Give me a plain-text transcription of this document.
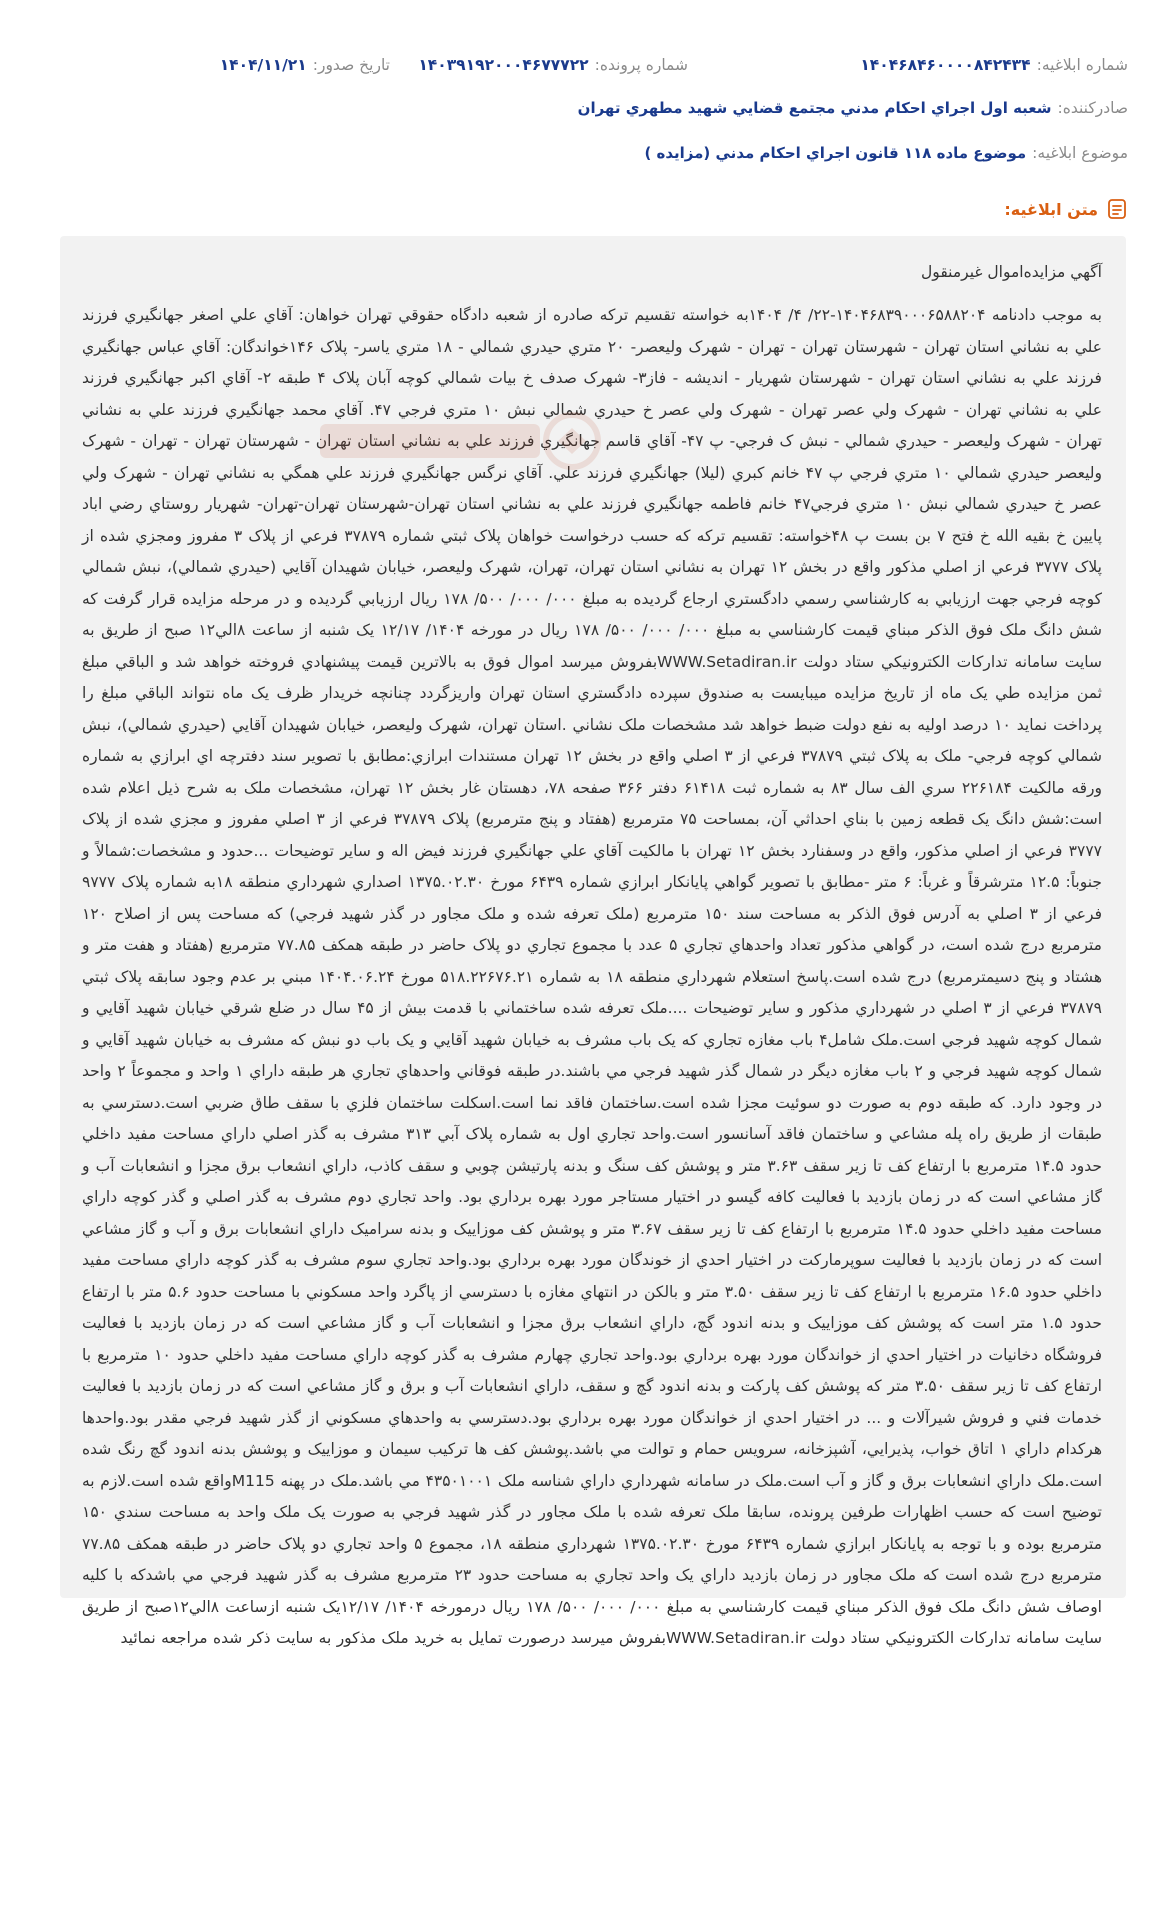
شماره ابلاغيه:
۱۴۰۴۶۸۴۶۰۰۰۰۸۴۲۴۳۴
شماره پرونده:
۱۴۰۳۹۱۹۲۰۰۰۴۶۷۷۷۲۲
تاريخ صدور:
۱۴۰۴/۱۱/۲۱
صادرکننده:
شعبه اول اجراي احکام مدني مجتمع قضايي شهيد مطهري تهران
موضوع ابلاغيه:
موضوع ماده ۱۱۸ قانون اجراي احکام مدني (مزايده )
متن ابلاغيه:

آگهي مزايده‌اموال غيرمنقول

به موجب دادنامه ۱۴۰۴۶۸۳۹۰۰۰۶۵۸۸۲۰۴-۲۲/ ۴/ ۱۴۰۴به خواسته تقسيم ترکه صادره از شعبه دادگاه حقوقي تهران خواهان: آقاي علي اصغر جهانگيري فرزند علي به نشاني استان تهران - شهرستان تهران - تهران - شهرک وليعصر- ۲۰ متري حيدري شمالي - ۱۸ متري ياسر- پلاک ۱۴۶خواندگان: آقاي عباس جهانگيري فرزند علي به نشاني استان تهران - شهرستان شهريار - انديشه - فاز۳- شهرک صدف خ بيات شمالي کوچه آبان پلاک ۴ طبقه ۲- آقاي اکبر جهانگيري فرزند علي به نشاني تهران - شهرک ولي عصر تهران - شهرک ولي عصر خ حيدري شمالي نبش ۱۰ متري فرجي ۴۷. آقاي محمد جهانگيري فرزند علي به نشاني تهران - شهرک وليعصر - حيدري شمالي - نبش ک فرجي- پ ۴۷- آقاي قاسم جهانگيري فرزند علي به نشاني استان تهران - شهرستان تهران - تهران - شهرک وليعصر حيدري شمالي ۱۰ متري فرجي پ ۴۷ خانم کبري (ليلا) جهانگيري فرزند علي. آقاي نرگس جهانگيري فرزند علي همگي به نشاني تهران - شهرک ولي عصر خ حيدري شمالي نبش ۱۰ متري فرجي۴۷ خانم فاطمه جهانگيري فرزند علي به نشاني استان تهران-شهرستان تهران-تهران- شهريار روستاي رضي اباد پايين خ بقيه الله خ فتح ۷ بن بست پ ۴۸خواسته: تقسيم ترکه که حسب درخواست خواهان پلاک ثبتي شماره ۳۷۸۷۹ فرعي از پلاک ۳ مفروز ومجزي شده از پلاک ۳۷۷۷ فرعي از اصلي مذکور واقع در بخش ۱۲ تهران به نشاني استان تهران، تهران، شهرک وليعصر، خيابان شهيدان آقايي (حيدري شمالي)، نبش شمالي کوچه فرجي جهت ارزيابي به کارشناسي رسمي دادگستري ارجاع گرديده به مبلغ ۰۰۰/ ۰۰۰/ ۵۰۰/ ۱۷۸ ريال ارزيابي گرديده و در مرحله مزايده قرار گرفت که شش دانگ ملک فوق الذکر مبناي قيمت کارشناسي به مبلغ ۰۰۰/ ۰۰۰/ ۵۰۰/ ۱۷۸ ريال در مورخه ۱۴۰۴/ ۱۲/۱۷ يک شنبه از ساعت ۸الي۱۲ صبح از طريق به سايت سامانه تدارکات الکترونيکي ستاد دولت WWW.Setadiran.irبفروش ميرسد اموال فوق به بالاترين قيمت پيشنهادي فروخته خواهد شد و الباقي مبلغ ثمن مزايده طي يک ماه از تاريخ مزايده ميبايست به صندوق سپرده دادگستري استان تهران واريزگردد چنانچه خريدار ظرف يک ماه نتواند الباقي مبلغ را پرداخت نمايد ۱۰ درصد اوليه به نفع دولت ضبط خواهد شد مشخصات ملک نشاني .استان تهران، شهرک وليعصر، خيابان شهيدان آقايي (حيدري شمالي)، نبش شمالي کوچه فرجي- ملک به پلاک ثبتي ۳۷۸۷۹ فرعي از ۳ اصلي واقع در بخش ۱۲ تهران مستندات ابرازي:مطابق با تصوير سند دفترچه اي ابرازي به شماره ورقه مالکيت ۲۲۶۱۸۴ سري الف سال ۸۳ به شماره ثبت ۶۱۴۱۸ دفتر ۳۶۶ صفحه ۷۸، دهستان غار بخش ۱۲ تهران، مشخصات ملک به شرح ذيل اعلام شده است:شش دانگ يک قطعه زمين با بناي احداثي آن، بمساحت ۷۵ مترمربع (هفتاد و پنج مترمربع) پلاک ۳۷۸۷۹ فرعي از ۳ اصلي مفروز و مجزي شده از پلاک ۳۷۷۷ فرعي از اصلي مذکور، واقع در وسفنارد بخش ۱۲ تهران با مالکيت آقاي علي جهانگيري فرزند فيض اله و ساير توضيحات ...حدود و مشخصات:شمالاً و جنوباً: ۱۲.۵ مترشرقاً و غرباً: ۶ متر -مطابق با تصوير گواهي پايانکار ابرازي شماره ۶۴۳۹ مورخ ۱۳۷۵.۰۲.۳۰ اصداري شهرداري منطقه ۱۸به شماره پلاک ۹۷۷۷ فرعي از ۳ اصلي به آدرس فوق الذکر به مساحت سند ۱۵۰ مترمربع (ملک تعرفه شده و ملک مجاور در گذر شهيد فرجي) که مساحت پس از اصلاح ۱۲۰ مترمربع درج شده است، در گواهي مذکور تعداد واحدهاي تجاري ۵ عدد با مجموع تجاري دو پلاک حاضر در طبقه همکف ۷۷.۸۵ مترمربع (هفتاد و هفت متر و هشتاد و پنج دسيمترمربع) درج شده است.پاسخ استعلام شهرداري منطقه ۱۸ به شماره ۵۱۸.۲۲۶۷۶.۲۱ مورخ ۱۴۰۴.۰۶.۲۴ مبني بر عدم وجود سابقه پلاک ثبتي ۳۷۸۷۹ فرعي از ۳ اصلي در شهرداري مذکور و ساير توضيحات ....ملک تعرفه شده ساختماني با قدمت بيش از ۴۵ سال در ضلع شرقي خيابان شهيد آقايي و شمال کوچه شهيد فرجي است.ملک شامل۴ باب مغازه تجاري که يک باب مشرف به خيابان شهيد آقايي و يک باب دو نبش که مشرف به خيابان شهيد آقايي و شمال کوچه شهيد فرجي و ۲ باب مغازه ديگر در شمال گذر شهيد فرجي مي باشند.در طبقه فوقاني واحدهاي تجاري هر طبقه داراي ۱ واحد و مجموعاً ۲ واحد در وجود دارد. که طبقه دوم به صورت دو سوئيت مجزا شده است.ساختمان فاقد نما است.اسکلت ساختمان فلزي با سقف طاق ضربي است.دسترسي به طبقات از طريق راه پله مشاعي و ساختمان فاقد آسانسور است.واحد تجاري اول به شماره پلاک آبي ۳۱۳ مشرف به گذر اصلي داراي مساحت مفيد داخلي حدود ۱۴.۵ مترمربع با ارتفاع کف تا زير سقف ۳.۶۳ متر و پوشش کف سنگ و بدنه پارتيشن چوبي و سقف کاذب، داراي انشعاب برق مجزا و انشعابات آب و گاز مشاعي است که در زمان بازديد با فعاليت کافه گيسو در اختيار مستاجر مورد بهره برداري بود. واحد تجاري دوم مشرف به گذر اصلي و گذر کوچه داراي مساحت مفيد داخلي حدود ۱۴.۵ مترمربع با ارتفاع کف تا زير سقف ۳.۶۷ متر و پوشش کف موزاييک و بدنه سراميک داراي انشعابات برق و آب و گاز مشاعي است که در زمان بازديد با فعاليت سوپرمارکت در اختيار احدي از خوندگان مورد بهره برداري بود.واحد تجاري سوم مشرف به گذر کوچه داراي مساحت مفيد داخلي حدود ۱۶.۵ مترمربع با ارتفاع کف تا زير سقف ۳.۵۰ متر و بالکن در انتهاي مغازه با دسترسي از پاگرد واحد مسکوني با مساحت حدود ۵.۶ متر با ارتفاع حدود ۱.۵ متر است که پوشش کف موزاييک و بدنه اندود گچ، داراي انشعاب برق مجزا و انشعابات آب و گاز مشاعي است که در زمان بازديد با فعاليت فروشگاه دخانيات در اختيار احدي از خواندگان مورد بهره برداري بود.واحد تجاري چهارم مشرف به گذر کوچه داراي مساحت مفيد داخلي حدود ۱۰ مترمربع با ارتفاع کف تا زير سقف ۳.۵۰ متر که پوشش کف پارکت و بدنه اندود گچ و سقف، داراي انشعابات آب و برق و گاز مشاعي است که در زمان بازديد با فعاليت خدمات فني و فروش شيرآلات و ... در اختيار احدي از خواندگان مورد بهره برداري بود.دسترسي به واحدهاي مسکوني از گذر شهيد فرجي مقدر بود.واحدها هرکدام داراي ۱ اتاق خواب، پذيرايي، آشپزخانه، سرويس حمام و توالت مي باشد.پوشش کف ها ترکيب سيمان و موزاييک و پوشش بدنه اندود گچ رنگ شده است.ملک داراي انشعابات برق و گاز و آب است.ملک در سامانه شهرداري داراي شناسه ملک ۴۳۵۰۱۰۰۱ مي باشد.ملک در پهنه M115واقع شده است.لازم به توضيح است که حسب اظهارات طرفين پرونده، سابقا ملک تعرفه شده با ملک مجاور در گذر شهيد فرجي به صورت يک ملک واحد به مساحت سندي ۱۵۰ مترمربع بوده و با توجه به پايانکار ابرازي شماره ۶۴۳۹ مورخ ۱۳۷۵.۰۲.۳۰ شهرداري منطقه ۱۸، مجموع ۵ واحد تجاري دو پلاک حاضر در طبقه همکف ۷۷.۸۵ مترمربع درج شده است که ملک مجاور در زمان بازديد داراي يک واحد تجاري به مساحت حدود ۲۳ مترمربع مشرف به گذر شهيد فرجي مي باشدکه با کليه اوصاف شش دانگ ملک فوق الذکر مبناي قيمت کارشناسي به مبلغ ۰۰۰/ ۰۰۰/ ۵۰۰/ ۱۷۸ ريال درمورخه ۱۴۰۴/ ۱۲/۱۷يک شنبه ازساعت ۸الي۱۲صبح از طريق سايت سامانه تدارکات الکترونيکي ستاد دولت WWW.Setadiran.irبفروش ميرسد درصورت تمايل به خريد ملک مذکور به سايت ذکر شده مراجعه نمائيد
